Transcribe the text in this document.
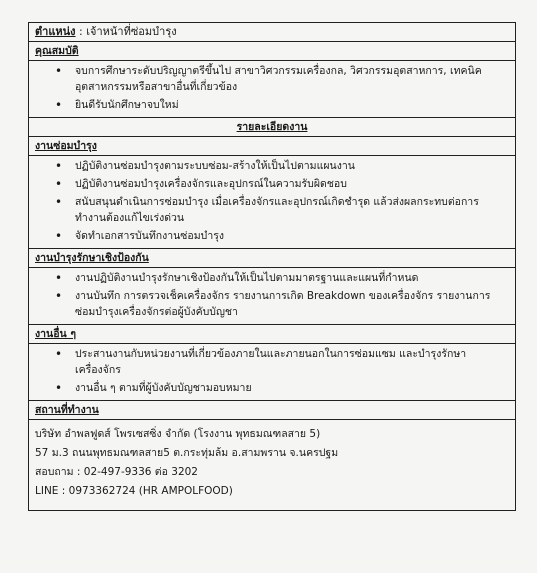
ตำแหน่ง : เจ้าหน้าที่ซ่อมบำรุง
คุณสมบัติ
• จบการศึกษาระดับปริญญาตรีขึ้นไป สาขาวิศวกรรมเครื่องกล, วิศวกรรมอุตสาหการ, เทคนิคอุตสาหกรรมหรือสาขาอื่นที่เกี่ยวข้อง
• ยินดีรับนักศึกษาจบใหม่
รายละเอียดงาน
งานซ่อมบำรุง
• ปฏิบัติงานซ่อมบำรุงตามระบบซ่อม-สร้างให้เป็นไปตามแผนงาน
• ปฏิบัติงานซ่อมบำรุงเครื่องจักรและอุปกรณ์ในความรับผิดชอบ
• สนับสนุนดำเนินการซ่อมบำรุง เมื่อเครื่องจักรและอุปกรณ์เกิดชำรุด แล้วส่งผลกระทบต่อการทำงานต้องแก้ไขเร่งด่วน
• จัดทำเอกสารบันทึกงานซ่อมบำรุง
งานบำรุงรักษาเชิงป้องกัน
• งานปฏิบัติงานบำรุงรักษาเชิงป้องกันให้เป็นไปตามมาตรฐานและแผนที่กำหนด
• งานบันทึก การตรวจเช็คเครื่องจักร รายงานการเกิด Breakdown ของเครื่องจักร รายงานการซ่อมบำรุงเครื่องจักรต่อผู้บังคับบัญชา
งานอื่น ๆ
• ประสานงานกับหน่วยงานที่เกี่ยวข้องภายในและภายนอกในการซ่อมแซม และบำรุงรักษาเครื่องจักร
• งานอื่น ๆ ตามที่ผู้บังคับบัญชามอบหมาย
สถานที่ทำงาน
บริษัท อำพลฟูดส์ โพรเซสซิ่ง จำกัด (โรงงาน พุทธมณฑลสาย 5)
57 ม.3 ถนนพุทธมณฑลสาย5 ต.กระทุ่มล้ม อ.สามพราน จ.นครปฐม
สอบถาม : 02-497-9336 ต่อ 3202
LINE : 0973362724 (HR AMPOLFOOD)
